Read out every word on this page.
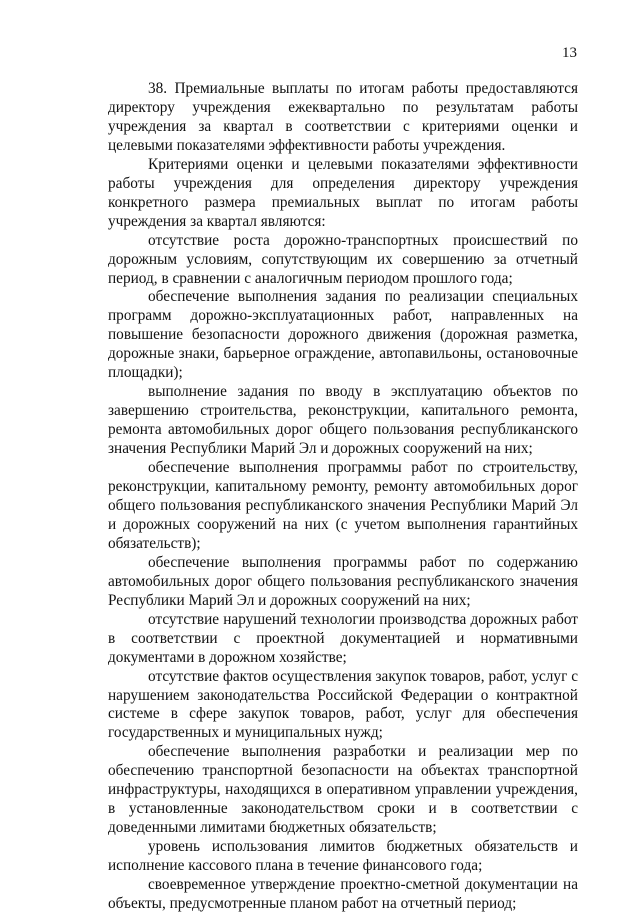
13

38. Премиальные выплаты по итогам работы предоставляются директору учреждения ежеквартально по результатам работы учреждения за квартал в соответствии с критериями оценки и целевыми показателями эффективности работы учреждения.

Критериями оценки и целевыми показателями эффективности работы учреждения для определения директору учреждения конкретного размера премиальных выплат по итогам работы учреждения за квартал являются:

отсутствие роста дорожно-транспортных происшествий по дорожным условиям, сопутствующим их совершению за отчетный период, в сравнении с аналогичным периодом прошлого года;

обеспечение выполнения задания по реализации специальных программ дорожно-эксплуатационных работ, направленных на повышение безопасности дорожного движения (дорожная разметка, дорожные знаки, барьерное ограждение, автопавильоны, остановочные площадки);

выполнение задания по вводу в эксплуатацию объектов по завершению строительства, реконструкции, капитального ремонта, ремонта автомобильных дорог общего пользования республиканского значения Республики Марий Эл и дорожных сооружений на них;

обеспечение выполнения программы работ по строительству, реконструкции, капитальному ремонту, ремонту автомобильных дорог общего пользования республиканского значения Республики Марий Эл и дорожных сооружений на них (с учетом выполнения гарантийных обязательств);

обеспечение выполнения программы работ по содержанию автомобильных дорог общего пользования республиканского значения Республики Марий Эл и дорожных сооружений на них;

отсутствие нарушений технологии производства дорожных работ в соответствии с проектной документацией и нормативными документами в дорожном хозяйстве;

отсутствие фактов осуществления закупок товаров, работ, услуг с нарушением законодательства Российской Федерации о контрактной системе в сфере закупок товаров, работ, услуг для обеспечения государственных и муниципальных нужд;

обеспечение выполнения разработки и реализации мер по обеспечению транспортной безопасности на объектах транспортной инфраструктуры, находящихся в оперативном управлении учреждения, в установленные законодательством сроки и в соответствии с доведенными лимитами бюджетных обязательств;

уровень использования лимитов бюджетных обязательств и исполнение кассового плана в течение финансового года;

своевременное утверждение проектно-сметной документации на объекты, предусмотренные планом работ на отчетный период;
